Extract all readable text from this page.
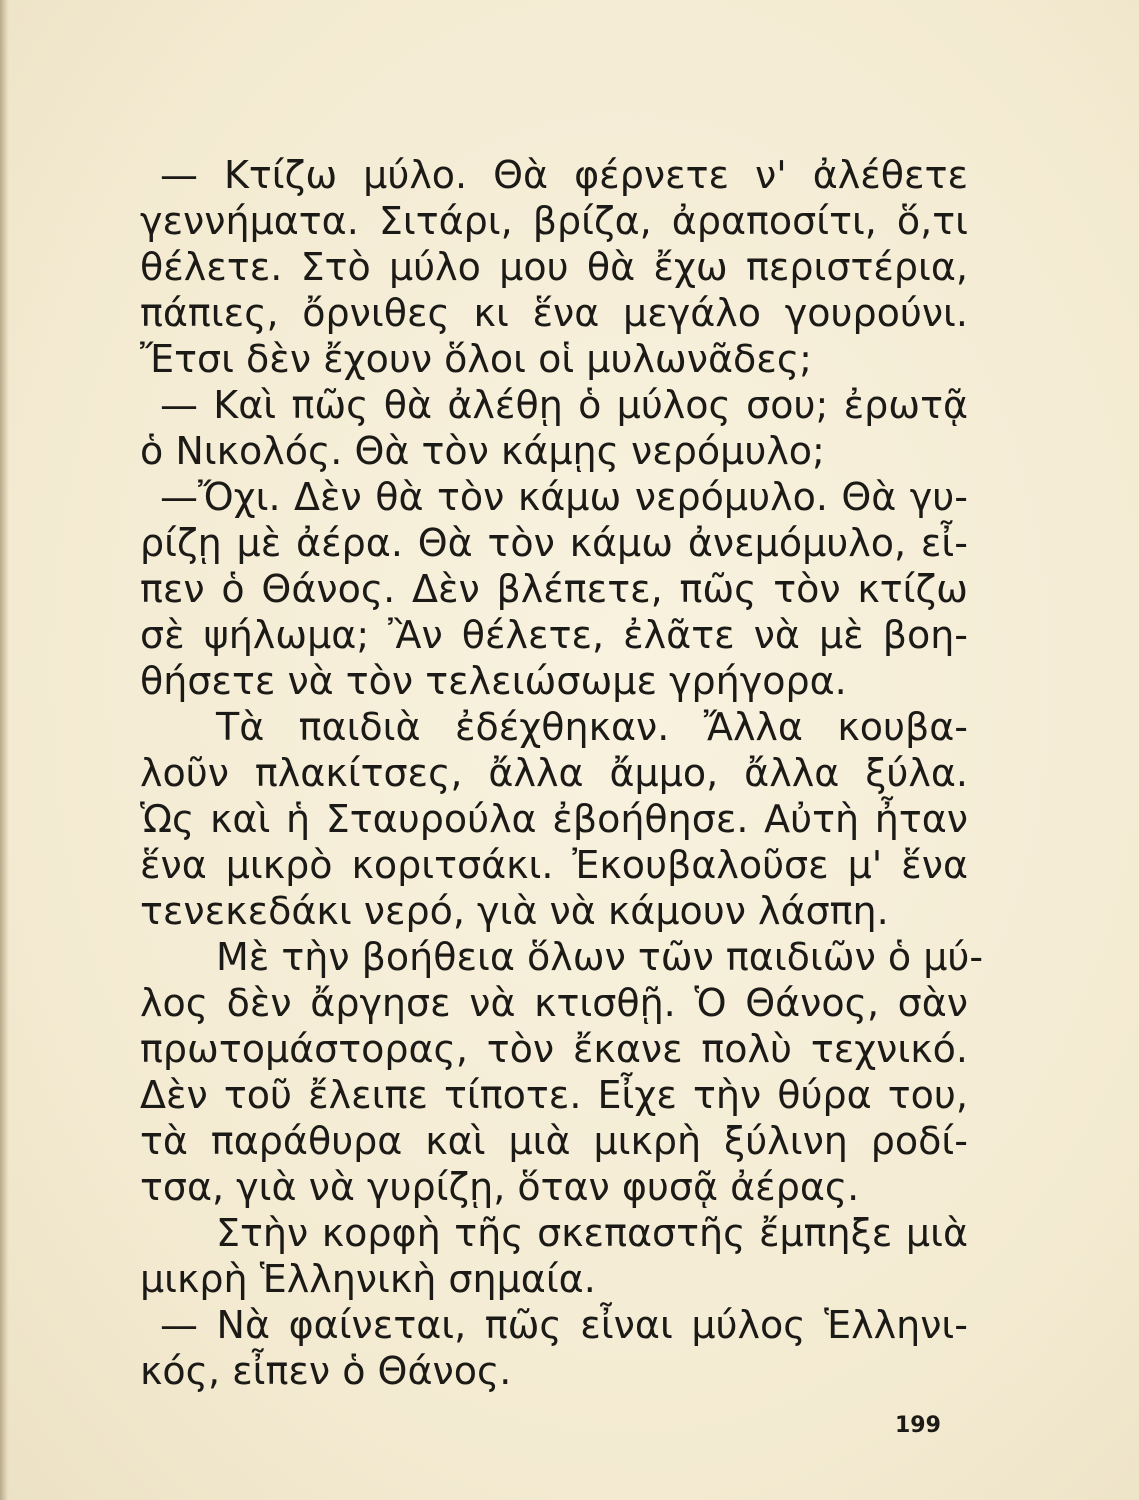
— Κτίζω μύλο. Θὰ φέρνετε ν' ἀλέθετε
γεννήματα. Σιτάρι, βρίζα, ἀραποσίτι, ὅ,τι
θέλετε. Στὸ μύλο μου θὰ ἔχω περιστέρια,
πάπιες, ὄρνιθες κι ἕνα μεγάλο γουρούνι.
Ἔτσι δὲν ἔχουν ὅλοι οἱ μυλωνᾶδες;
— Καὶ πῶς θὰ ἀλέθῃ ὁ μύλος σου; ἐρωτᾷ
ὁ Νικολός. Θὰ τὸν κάμῃς νερόμυλο;
—Ὄχι. Δὲν θὰ τὸν κάμω νερόμυλο. Θὰ γυ-
ρίζῃ μὲ ἀέρα. Θὰ τὸν κάμω ἀνεμόμυλο, εἶ-
πεν ὁ Θάνος. Δὲν βλέπετε, πῶς τὸν κτίζω
σὲ ψήλωμα; Ἂν θέλετε, ἐλᾶτε νὰ μὲ βοη-
θήσετε νὰ τὸν τελειώσωμε γρήγορα.
Τὰ παιδιὰ ἐδέχθηκαν. Ἄλλα κουβα-
λοῦν πλακίτσες, ἄλλα ἄμμο, ἄλλα ξύλα.
Ὡς καὶ ἡ Σταυρούλα ἐβοήθησε. Αὐτὴ ἦταν
ἕνα μικρὸ κοριτσάκι. Ἐκουβαλοῦσε μ' ἕνα
τενεκεδάκι νερό, γιὰ νὰ κάμουν λάσπη.
Μὲ τὴν βοήθεια ὅλων τῶν παιδιῶν ὁ μύ-
λος δὲν ἄργησε νὰ κτισθῇ. Ὁ Θάνος, σὰν
πρωτομάστορας, τὸν ἔκανε πολὺ τεχνικό.
Δὲν τοῦ ἔλειπε τίποτε. Εἶχε τὴν θύρα του,
τὰ παράθυρα καὶ μιὰ μικρὴ ξύλινη ροδί-
τσα, γιὰ νὰ γυρίζῃ, ὅταν φυσᾷ ἀέρας.
Στὴν κορφὴ τῆς σκεπαστῆς ἔμπηξε μιὰ
μικρὴ Ἑλληνικὴ σημαία.
— Νὰ φαίνεται, πῶς εἶναι μύλος Ἑλληνι-
κός, εἶπεν ὁ Θάνος.
199
